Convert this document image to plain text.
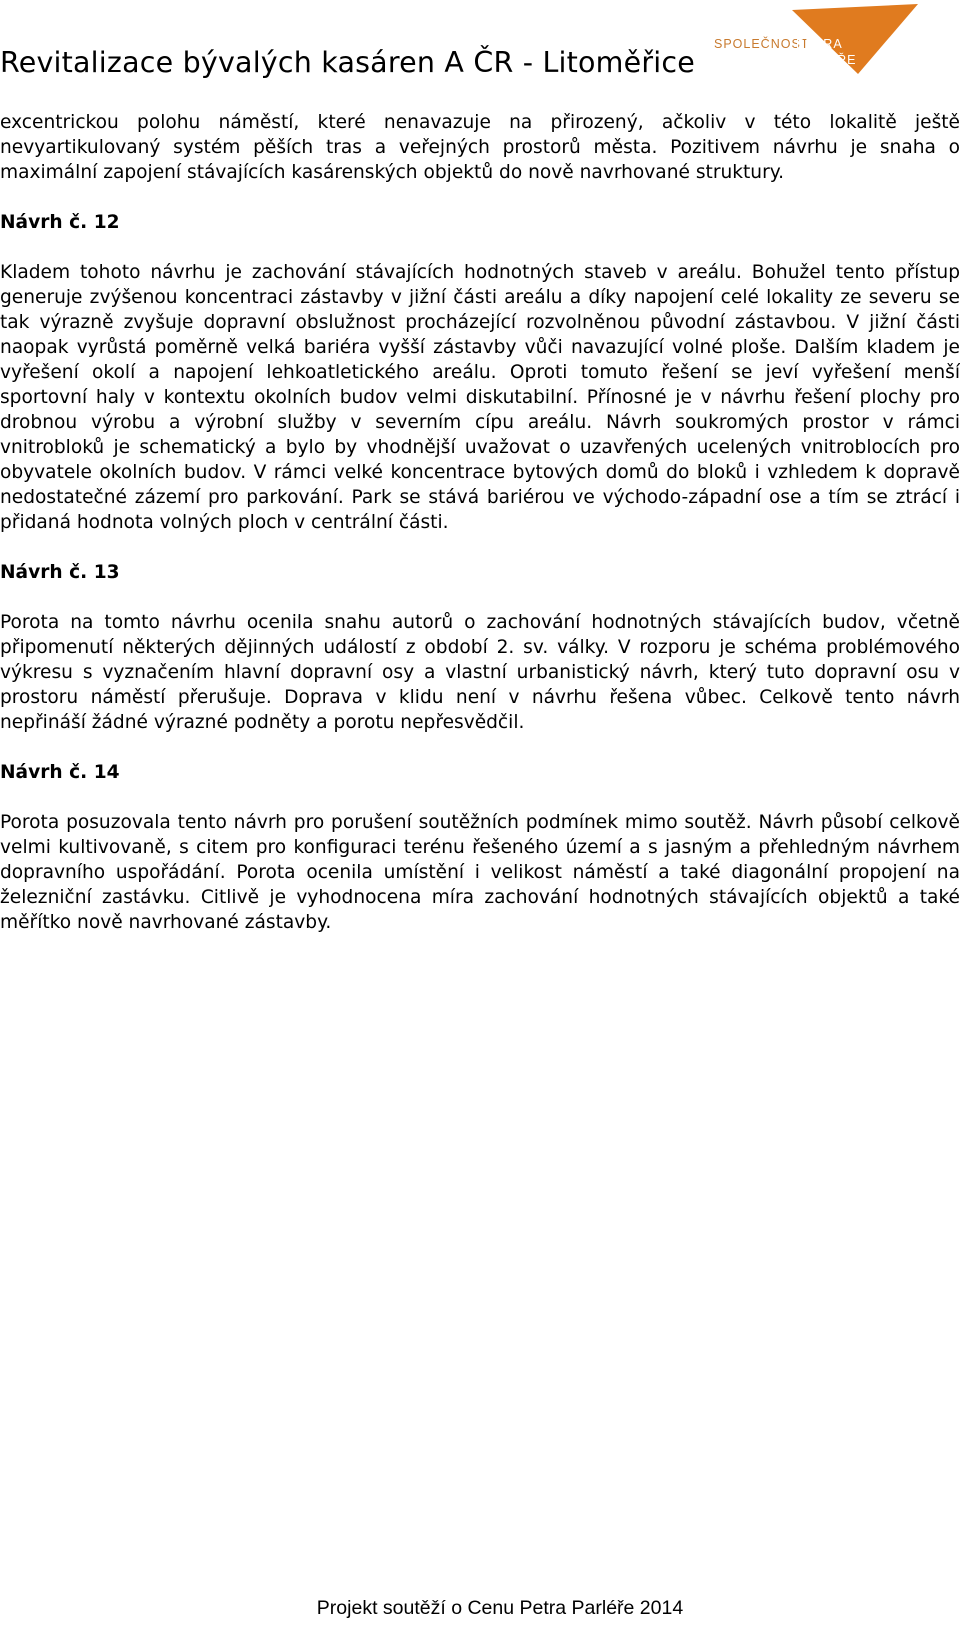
Revitalizace bývalých kasáren A ČR - Litoměřice
SPOLEČNOST
PETRA
PARLÉŘE

excentrickou polohu náměstí, které nenavazuje na přirozený, ačkoliv v této lokalitě ještě nevyartikulovaný systém pěších tras a veřejných prostorů města. Pozitivem návrhu je snaha o maximální zapojení stávajících kasárenských objektů do nově navrhované struktury.

Návrh č. 12

Kladem tohoto návrhu je zachování stávajících hodnotných staveb v areálu. Bohužel tento přístup generuje zvýšenou koncentraci zástavby v jižní části areálu a díky napojení celé lokality ze severu se tak výrazně zvyšuje dopravní obslužnost procházející rozvolněnou původní zástavbou. V jižní části naopak vyrůstá poměrně velká bariéra vyšší zástavby vůči navazující volné ploše. Dalším kladem je vyřešení okolí a napojení lehkoatletického areálu. Oproti tomuto řešení se jeví vyřešení menší sportovní haly v kontextu okolních budov velmi diskutabilní. Přínosné je v návrhu řešení plochy pro drobnou výrobu a výrobní služby v severním cípu areálu. Návrh soukromých prostor v rámci vnitrobloků je schematický a bylo by vhodnější uvažovat o uzavřených ucelených vnitroblocích pro obyvatele okolních budov. V rámci velké koncentrace bytových domů do bloků i vzhledem k dopravě nedostatečné zázemí pro parkování. Park se stává bariérou ve východo-západní ose a tím se ztrácí i přidaná hodnota volných ploch v centrální části.

Návrh č. 13

Porota na tomto návrhu ocenila snahu autorů o zachování hodnotných stávajících budov, včetně připomenutí některých dějinných událostí z období 2. sv. války. V rozporu je schéma problémového výkresu s vyznačením hlavní dopravní osy a vlastní urbanistický návrh, který tuto dopravní osu v prostoru náměstí přerušuje. Doprava v klidu není v návrhu řešena vůbec. Celkově tento návrh nepřináší žádné výrazné podněty a porotu nepřesvědčil.

Návrh č. 14

Porota posuzovala tento návrh pro porušení soutěžních podmínek mimo soutěž. Návrh působí celkově velmi kultivovaně, s citem pro konfiguraci terénu řešeného území a s jasným a přehledným návrhem dopravního uspořádání. Porota ocenila umístění i velikost náměstí a také diagonální propojení na železniční zastávku. Citlivě je vyhodnocena míra zachování hodnotných stávajících objektů a také měřítko nově navrhované zástavby.

Projekt soutěží o Cenu Petra Parléře 2014
